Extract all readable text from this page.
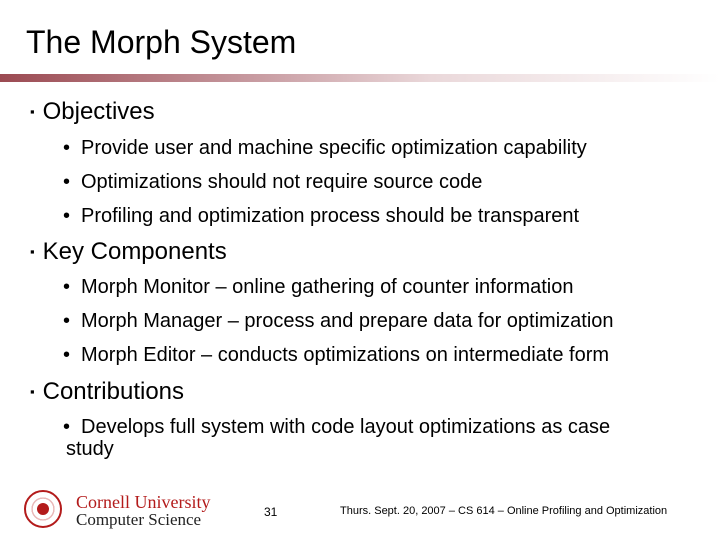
The Morph System
▪ Objectives
• Provide user and machine specific optimization capability
• Optimizations should not require source code
• Profiling and optimization process should be transparent
▪ Key Components
• Morph Monitor – online gathering of counter information
• Morph Manager – process and prepare data for optimization
• Morph Editor – conducts optimizations on intermediate form
▪ Contributions
• Develops full system with code layout optimizations as case
study
Cornell University
Computer Science	31	Thurs. Sept. 20, 2007 – CS 614 – Online Profiling and Optimization
